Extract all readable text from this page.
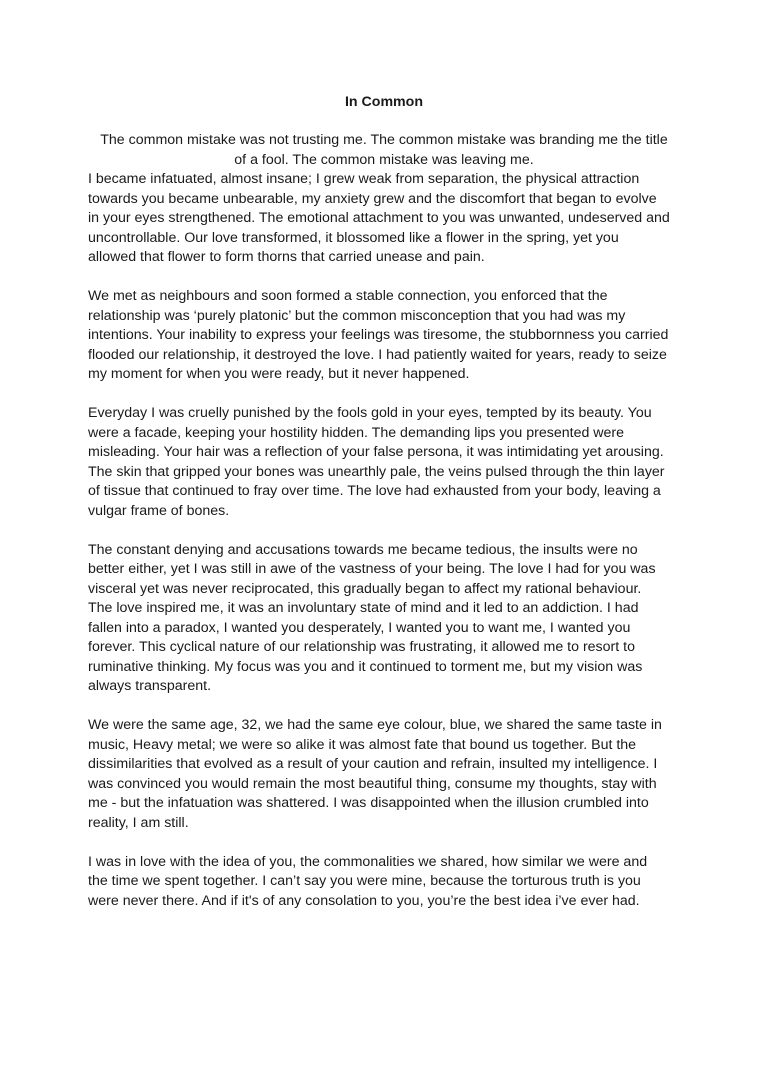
In Common

The common mistake was not trusting me. The common mistake was branding me the title
of a fool. The common mistake was leaving me.

I became infatuated, almost insane; I grew weak from separation, the physical attraction
towards you became unbearable, my anxiety grew and the discomfort that began to evolve
in your eyes strengthened. The emotional attachment to you was unwanted, undeserved and
uncontrollable. Our love transformed, it blossomed like a flower in the spring, yet you
allowed that flower to form thorns that carried unease and pain.

We met as neighbours and soon formed a stable connection, you enforced that the
relationship was ‘purely platonic’ but the common misconception that you had was my
intentions. Your inability to express your feelings was tiresome, the stubbornness you carried
flooded our relationship, it destroyed the love. I had patiently waited for years, ready to seize
my moment for when you were ready, but it never happened.

Everyday I was cruelly punished by the fools gold in your eyes, tempted by its beauty. You
were a facade, keeping your hostility hidden. The demanding lips you presented were
misleading. Your hair was a reflection of your false persona, it was intimidating yet arousing.
The skin that gripped your bones was unearthly pale, the veins pulsed through the thin layer
of tissue that continued to fray over time. The love had exhausted from your body, leaving a
vulgar frame of bones.

The constant denying and accusations towards me became tedious, the insults were no
better either, yet I was still in awe of the vastness of your being. The love I had for you was
visceral yet was never reciprocated, this gradually began to affect my rational behaviour.
The love inspired me, it was an involuntary state of mind and it led to an addiction. I had
fallen into a paradox, I wanted you desperately, I wanted you to want me, I wanted you
forever. This cyclical nature of our relationship was frustrating, it allowed me to resort to
ruminative thinking. My focus was you and it continued to torment me, but my vision was
always transparent.

We were the same age, 32, we had the same eye colour, blue, we shared the same taste in
music, Heavy metal; we were so alike it was almost fate that bound us together. But the
dissimilarities that evolved as a result of your caution and refrain, insulted my intelligence. I
was convinced you would remain the most beautiful thing, consume my thoughts, stay with
me - but the infatuation was shattered. I was disappointed when the illusion crumbled into
reality, I am still.

I was in love with the idea of you, the commonalities we shared, how similar we were and
the time we spent together. I can’t say you were mine, because the torturous truth is you
were never there. And if it's of any consolation to you, you’re the best idea i’ve ever had.
